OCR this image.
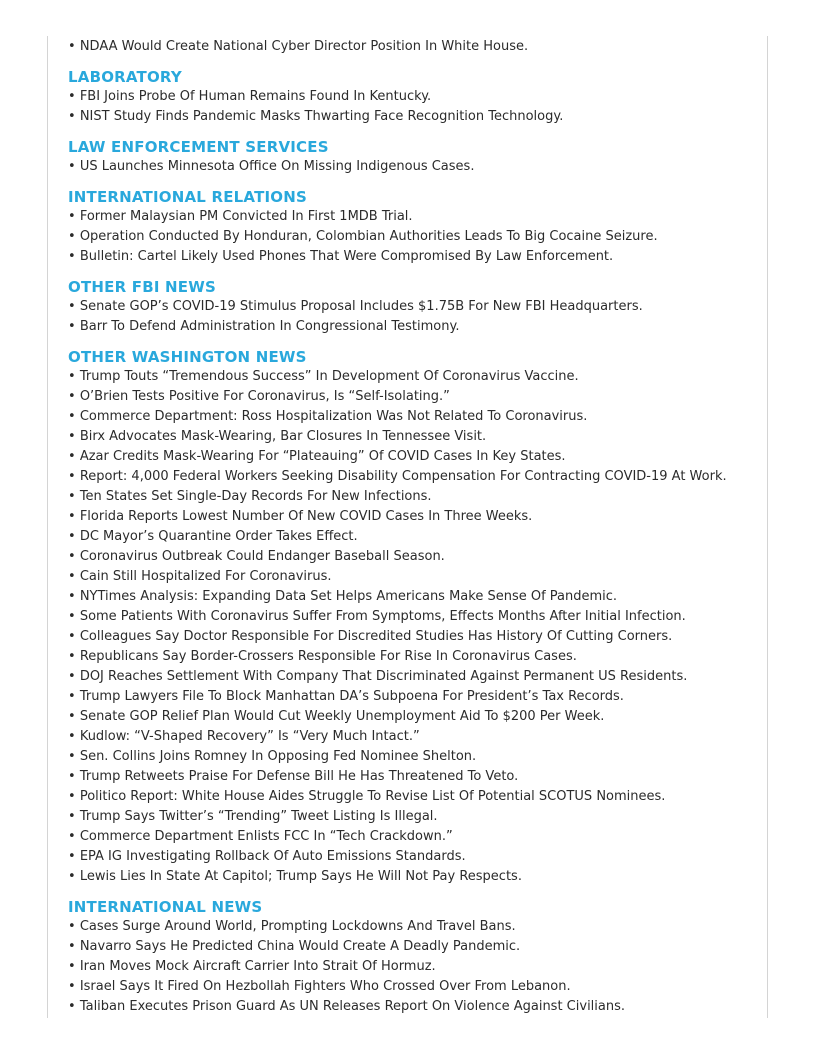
• NDAA Would Create National Cyber Director Position In White House.
LABORATORY
• FBI Joins Probe Of Human Remains Found In Kentucky.
• NIST Study Finds Pandemic Masks Thwarting Face Recognition Technology.
LAW ENFORCEMENT SERVICES
• US Launches Minnesota Office On Missing Indigenous Cases.
INTERNATIONAL RELATIONS
• Former Malaysian PM Convicted In First 1MDB Trial.
• Operation Conducted By Honduran, Colombian Authorities Leads To Big Cocaine Seizure.
• Bulletin: Cartel Likely Used Phones That Were Compromised By Law Enforcement.
OTHER FBI NEWS
• Senate GOP’s COVID-19 Stimulus Proposal Includes $1.75B For New FBI Headquarters.
• Barr To Defend Administration In Congressional Testimony.
OTHER WASHINGTON NEWS
• Trump Touts “Tremendous Success” In Development Of Coronavirus Vaccine.
• O’Brien Tests Positive For Coronavirus, Is “Self-Isolating.”
• Commerce Department: Ross Hospitalization Was Not Related To Coronavirus.
• Birx Advocates Mask-Wearing, Bar Closures In Tennessee Visit.
• Azar Credits Mask-Wearing For “Plateauing” Of COVID Cases In Key States.
• Report: 4,000 Federal Workers Seeking Disability Compensation For Contracting COVID-19 At Work.
• Ten States Set Single-Day Records For New Infections.
• Florida Reports Lowest Number Of New COVID Cases In Three Weeks.
• DC Mayor’s Quarantine Order Takes Effect.
• Coronavirus Outbreak Could Endanger Baseball Season.
• Cain Still Hospitalized For Coronavirus.
• NYTimes Analysis: Expanding Data Set Helps Americans Make Sense Of Pandemic.
• Some Patients With Coronavirus Suffer From Symptoms, Effects Months After Initial Infection.
• Colleagues Say Doctor Responsible For Discredited Studies Has History Of Cutting Corners.
• Republicans Say Border-Crossers Responsible For Rise In Coronavirus Cases.
• DOJ Reaches Settlement With Company That Discriminated Against Permanent US Residents.
• Trump Lawyers File To Block Manhattan DA’s Subpoena For President’s Tax Records.
• Senate GOP Relief Plan Would Cut Weekly Unemployment Aid To $200 Per Week.
• Kudlow: “V-Shaped Recovery” Is “Very Much Intact.”
• Sen. Collins Joins Romney In Opposing Fed Nominee Shelton.
• Trump Retweets Praise For Defense Bill He Has Threatened To Veto.
• Politico Report: White House Aides Struggle To Revise List Of Potential SCOTUS Nominees.
• Trump Says Twitter’s “Trending” Tweet Listing Is Illegal.
• Commerce Department Enlists FCC In “Tech Crackdown.”
• EPA IG Investigating Rollback Of Auto Emissions Standards.
• Lewis Lies In State At Capitol; Trump Says He Will Not Pay Respects.
INTERNATIONAL NEWS
• Cases Surge Around World, Prompting Lockdowns And Travel Bans.
• Navarro Says He Predicted China Would Create A Deadly Pandemic.
• Iran Moves Mock Aircraft Carrier Into Strait Of Hormuz.
• Israel Says It Fired On Hezbollah Fighters Who Crossed Over From Lebanon.
• Taliban Executes Prison Guard As UN Releases Report On Violence Against Civilians.
